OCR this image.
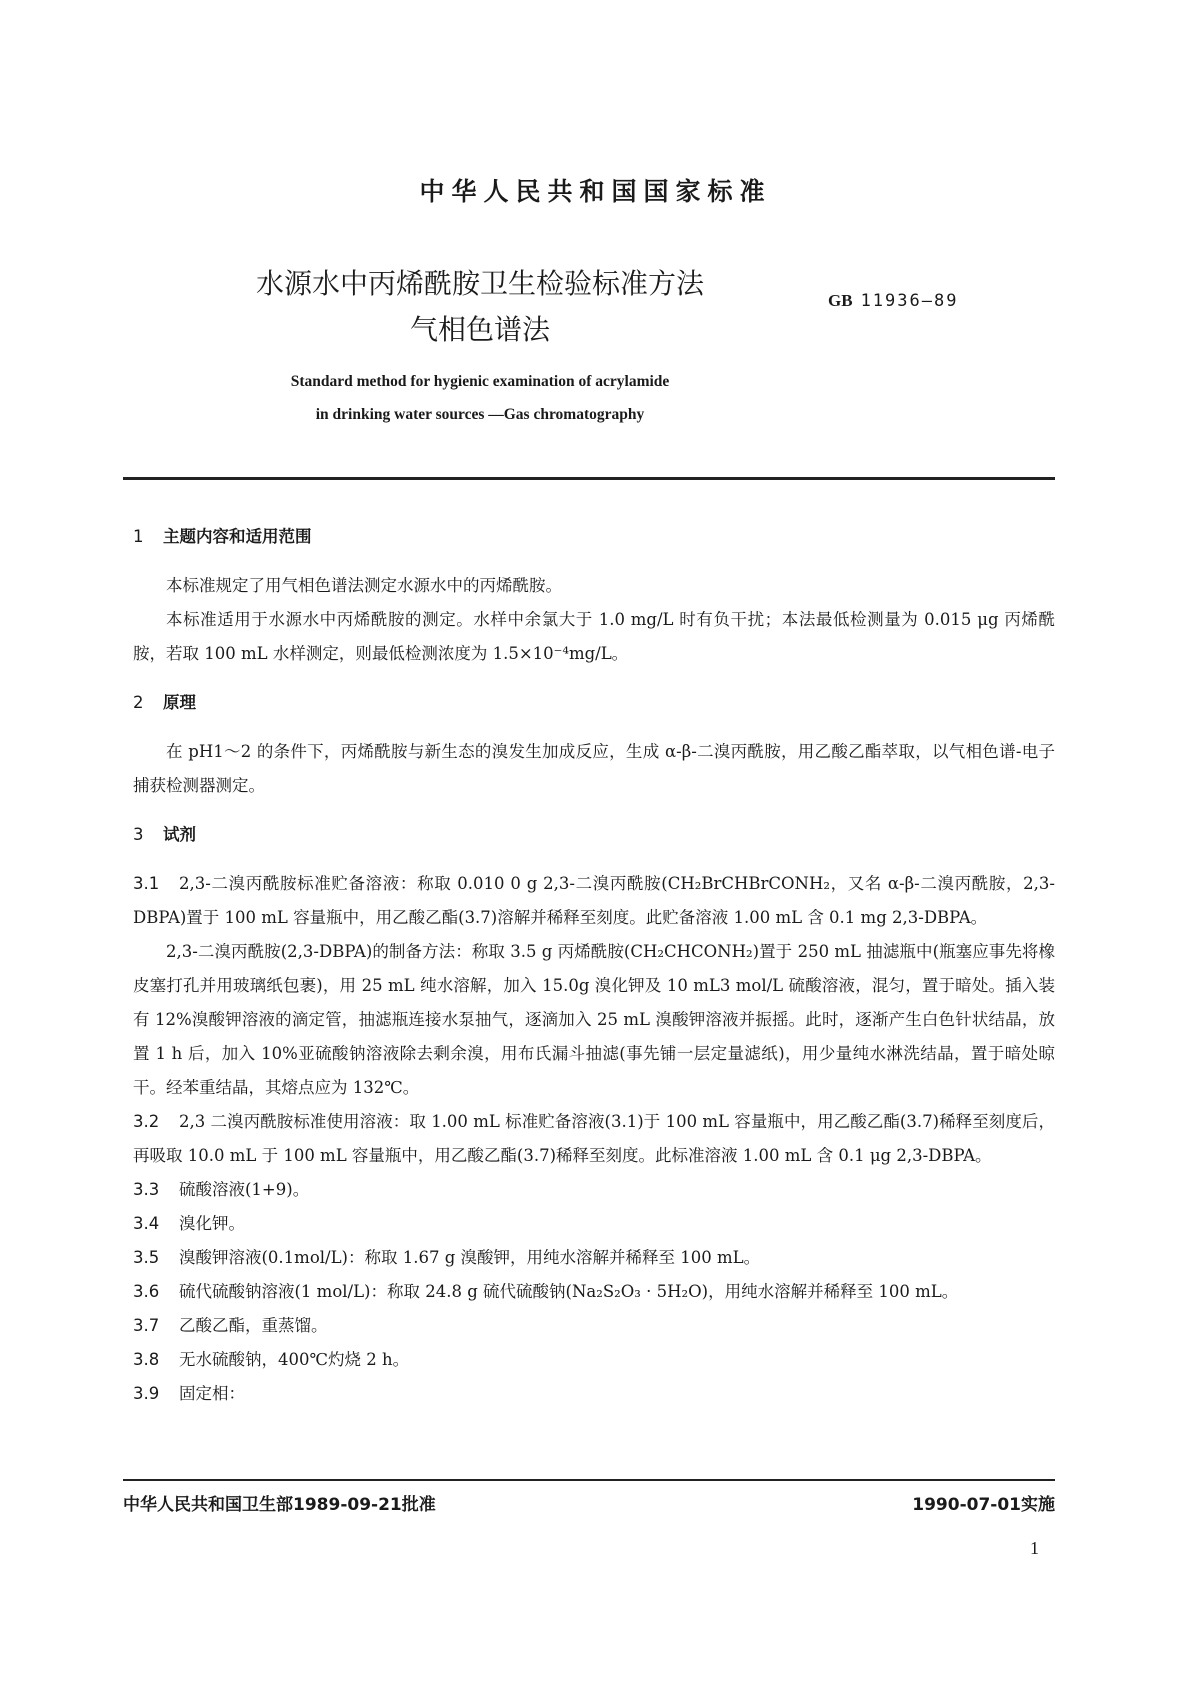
中华人民共和国国家标准
水源水中丙烯酰胺卫生检验标准方法
气相色谱法
GB 11936—89
Standard method for hygienic examination of acrylamide
in drinking water sources —Gas chromatography

1 主题内容和适用范围

本标准规定了用气相色谱法测定水源水中的丙烯酰胺。

本标准适用于水源水中丙烯酰胺的测定。水样中余氯大于 1.0 mg/L 时有负干扰；本法最低检测量为 0.015 μg 丙烯酰胺，若取 100 mL 水样测定，则最低检测浓度为 1.5×10⁻⁴mg/L。

2 原理

在 pH1～2 的条件下，丙烯酰胺与新生态的溴发生加成反应，生成 α-β-二溴丙酰胺，用乙酸乙酯萃取，以气相色谱-电子捕获检测器测定。

3 试剂

3.1 2,3-二溴丙酰胺标准贮备溶液：称取 0.010 0 g 2,3-二溴丙酰胺(CH₂BrCHBrCONH₂，又名 α-β-二溴丙酰胺，2,3-DBPA)置于 100 mL 容量瓶中，用乙酸乙酯(3.7)溶解并稀释至刻度。此贮备溶液 1.00 mL 含 0.1 mg 2,3-DBPA。

2,3-二溴丙酰胺(2,3-DBPA)的制备方法：称取 3.5 g 丙烯酰胺(CH₂CHCONH₂)置于 250 mL 抽滤瓶中(瓶塞应事先将橡皮塞打孔并用玻璃纸包裹)，用 25 mL 纯水溶解，加入 15.0g 溴化钾及 10 mL3 mol/L 硫酸溶液，混匀，置于暗处。插入装有 12%溴酸钾溶液的滴定管，抽滤瓶连接水泵抽气，逐滴加入 25 mL 溴酸钾溶液并振摇。此时，逐渐产生白色针状结晶，放置 1 h 后，加入 10%亚硫酸钠溶液除去剩余溴，用布氏漏斗抽滤(事先铺一层定量滤纸)，用少量纯水淋洗结晶，置于暗处晾干。经苯重结晶，其熔点应为 132℃。

3.2 2,3 二溴丙酰胺标准使用溶液：取 1.00 mL 标准贮备溶液(3.1)于 100 mL 容量瓶中，用乙酸乙酯(3.7)稀释至刻度后，再吸取 10.0 mL 于 100 mL 容量瓶中，用乙酸乙酯(3.7)稀释至刻度。此标准溶液 1.00 mL 含 0.1 μg 2,3-DBPA。

3.3 硫酸溶液(1+9)。

3.4 溴化钾。

3.5 溴酸钾溶液(0.1mol/L)：称取 1.67 g 溴酸钾，用纯水溶解并稀释至 100 mL。

3.6 硫代硫酸钠溶液(1 mol/L)：称取 24.8 g 硫代硫酸钠(Na₂S₂O₃ · 5H₂O)，用纯水溶解并稀释至 100 mL。

3.7 乙酸乙酯，重蒸馏。

3.8 无水硫酸钠，400℃灼烧 2 h。

3.9 固定相：

中华人民共和国卫生部1989-09-21批准	1990-07-01实施
1
